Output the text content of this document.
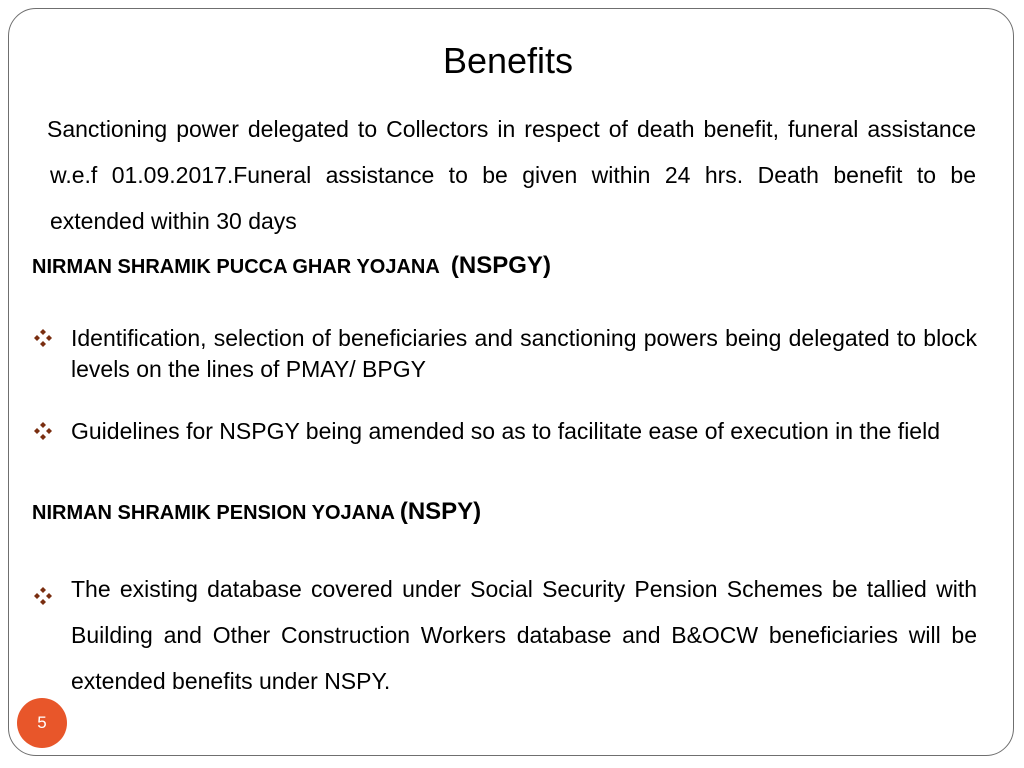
Benefits
Sanctioning power delegated to Collectors in respect of death benefit, funeral assistance w.e.f 01.09.2017.Funeral assistance to be given within 24 hrs. Death benefit to be extended within 30 days
NIRMAN SHRAMIK PUCCA GHAR YOJANA (NSPGY)
Identification, selection of beneficiaries and sanctioning powers being delegated to block levels on the lines of PMAY/ BPGY
Guidelines for NSPGY being amended so as to facilitate ease of execution in the field
NIRMAN SHRAMIK PENSION YOJANA (NSPY)
The existing database covered under Social Security Pension Schemes be tallied with Building and Other Construction Workers database and B&OCW beneficiaries will be extended benefits under NSPY.
5
